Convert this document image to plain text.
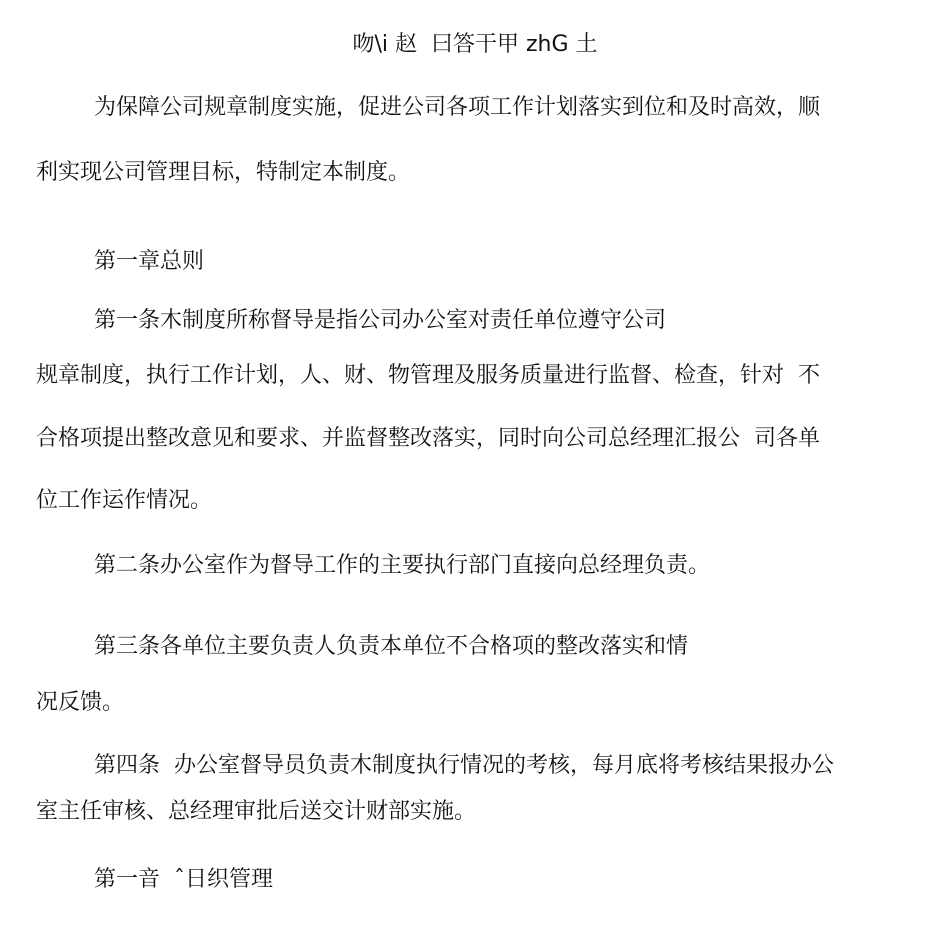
吻\i 赵  曰答干甲 zhG 土
为保障公司规章制度实施，促进公司各项工作计划落实到位和及时高效，顺
利实现公司管理目标，特制定本制度。
第一章总则
第一条木制度所称督导是指公司办公室对责任单位遵守公司
规章制度，执行工作计划，人、财、物管理及服务质量进行监督、检查，针对  不
合格项提出整改意见和要求、并监督整改落实，同时向公司总经理汇报公  司各单
位工作运作情况。
第二条办公室作为督导工作的主要执行部门直接向总经理负责。
第三条各单位主要负责人负责本单位不合格项的整改落实和情
况反馈。
第四条  办公室督导员负责木制度执行情况的考核，每月底将考核结果报办公
室主任审核、总经理审批后送交计财部实施。
第一音  ˆ日织管理
